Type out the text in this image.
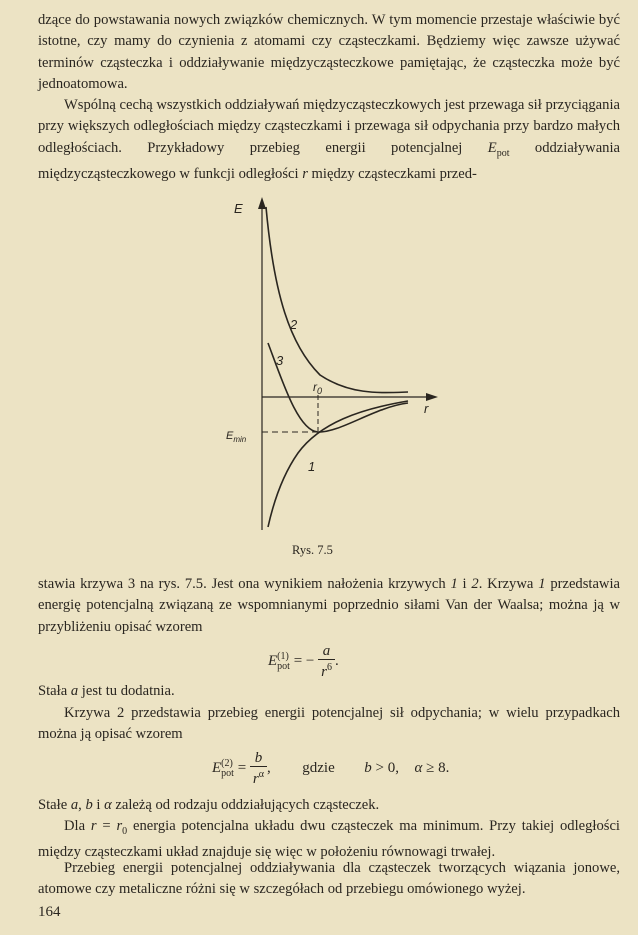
dzące do powstawania nowych związków chemicznych. W tym momencie przestaje właściwie być istotne, czy mamy do czynienia z atomami czy cząsteczkami. Będziemy więc zawsze używać terminów cząsteczka i oddziaływanie międzycząsteczkowe pamiętając, że cząsteczka może być jednoatomowa.

Wspólną cechą wszystkich oddziaływań międzycząsteczkowych jest przewaga sił przyciągania przy większych odległościach między cząsteczkami i przewaga sił odpychania przy bardzo małych odległościach. Przykładowy przebieg energii potencjalnej $E_{pot}$ oddziaływania międzycząsteczkowego w funkcji odległości r między cząsteczkami przed-

E
r
$r_0$
$E_{min}$
2
3
1
Rys. 7.5

stawia krzywa 3 na rys. 7.5. Jest ona wynikiem nałożenia krzywych 1 i 2. Krzywa 1 przedstawia energię potencjalną związaną ze wspomnianymi poprzednio siłami Van der Waalsa; można ją w przybliżeniu opisać wzorem

E (1)
pot = − $\frac{a}{r^6}$ .

Stała a jest tu dodatnia.

Krzywa 2 przedstawia przebieg energii potencjalnej sił odpychania; w wielu przypadkach można ją opisać wzorem

E (2)
pot = $\frac{b}{r^\alpha}$ , gdzie b > 0, α ≥ 8.

Stałe a, b i α zależą od rodzaju oddziałujących cząsteczek.

Dla $r = r_0$ energia potencjalna układu dwu cząsteczek ma minimum. Przy takiej odległości między cząsteczkami układ znajduje się więc w położeniu równowagi trwałej.

Przebieg energii potencjalnej oddziaływania dla cząsteczek tworzących wiązania jonowe, atomowe czy metaliczne różni się w szczegółach od przebiegu omówionego wyżej.

164
